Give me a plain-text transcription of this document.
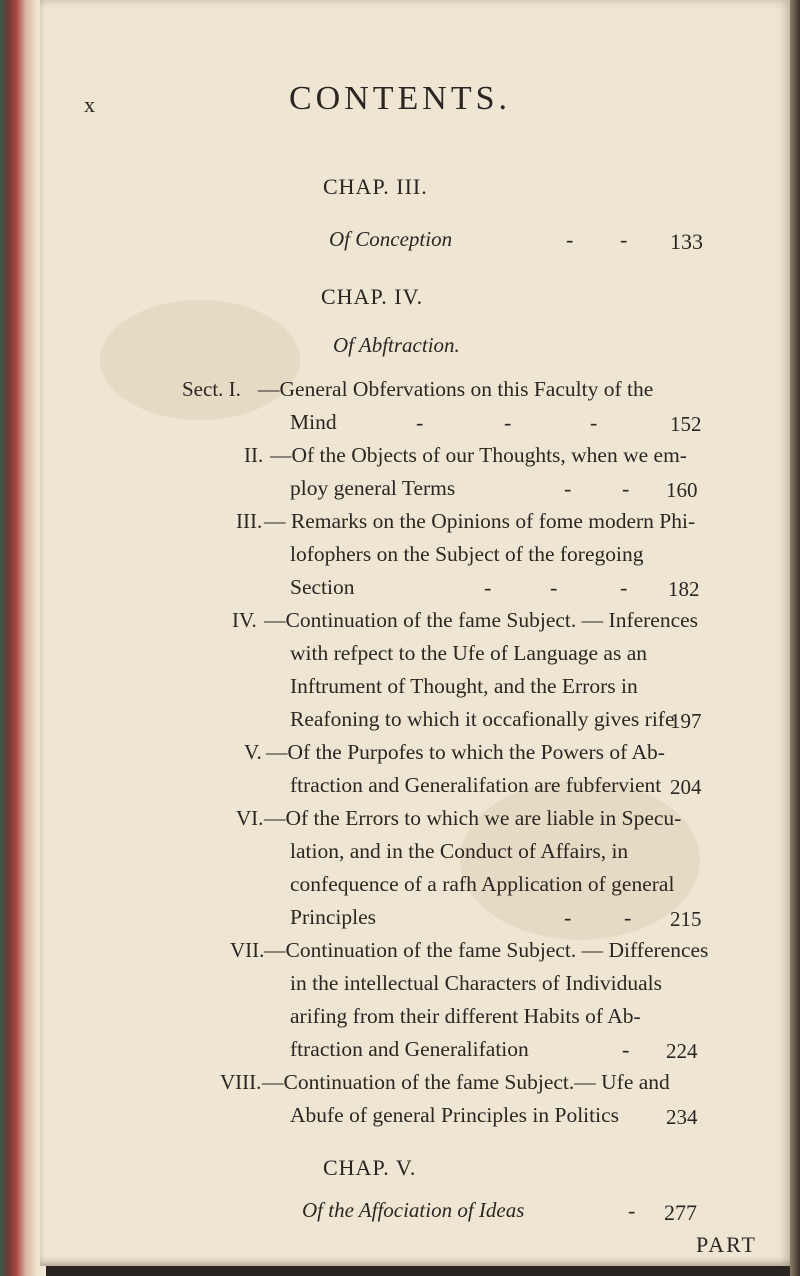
x	CONTENTS.
CHAP. III.
Of Conception	- - 133
CHAP. IV.
Of Abftraction.
Sect. I. —General Obfervations on this Faculty of the
Mind	-	-	-	152
II. —Of the Objects of our Thoughts, when we em-
ploy general Terms	- - 160
III. — Remarks on the Opinions of fome modern Phi-
lofophers on the Subject of the foregoing
Section	-	-	- 182
IV. —Continuation of the fame Subject. — Inferences
with refpect to the Ufe of Language as an
Inftrument of Thought, and the Errors in
Reafoning to which it occafionally gives rife
197
V. —Of the Purpofes to which the Powers of Ab-
ftraction and Generalifation are fubfervient 204
VI. —Of the Errors to which we are liable in Specu-
lation, and in the Conduct of Affairs, in
confequence of a rafh Application of general
Principles	- - 215
VII. —Continuation of the fame Subject. — Differences
in the intellectual Characters of Individuals
arifing from their different Habits of Ab-
ftraction and Generalifation	- 224
VIII. —Continuation of the fame Subject.— Ufe and
Abufe of general Principles in Politics 234
CHAP. V.
Of the Affociation of Ideas	- 277
PART
